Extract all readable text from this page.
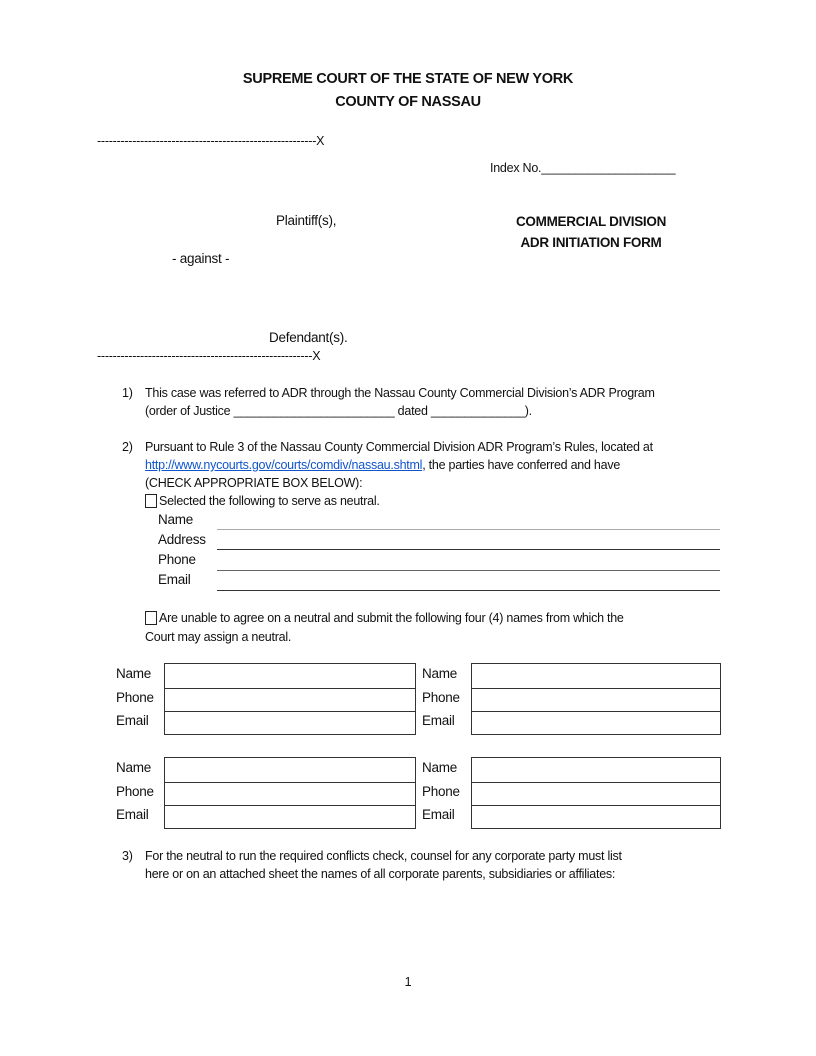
SUPREME COURT OF THE STATE OF NEW YORK
COUNTY OF NASSAU
--------------------------------------------------------X
Index No.____________________
Plaintiff(s),	COMMERCIAL DIVISION
ADR INITIATION FORM
- against -
Defendant(s).
-------------------------------------------------------X
1) This case was referred to ADR through the Nassau County Commercial Division’s ADR Program
(order of Justice ________________________ dated ______________).
2) Pursuant to Rule 3 of the Nassau County Commercial Division ADR Program’s Rules, located at
http://www.nycourts.gov/courts/comdiv/nassau.shtml, the parties have conferred and have
(CHECK APPROPRIATE BOX BELOW):
Selected the following to serve as neutral.
Name
Address
Phone
Email
Are unable to agree on a neutral and submit the following four (4) names from which the
Court may assign a neutral.
Name
Phone
Email
Name
Phone
Email
Name
Phone
Email
Name
Phone
Email
3) For the neutral to run the required conflicts check, counsel for any corporate party must list
here or on an attached sheet the names of all corporate parents, subsidiaries or affiliates:
1
